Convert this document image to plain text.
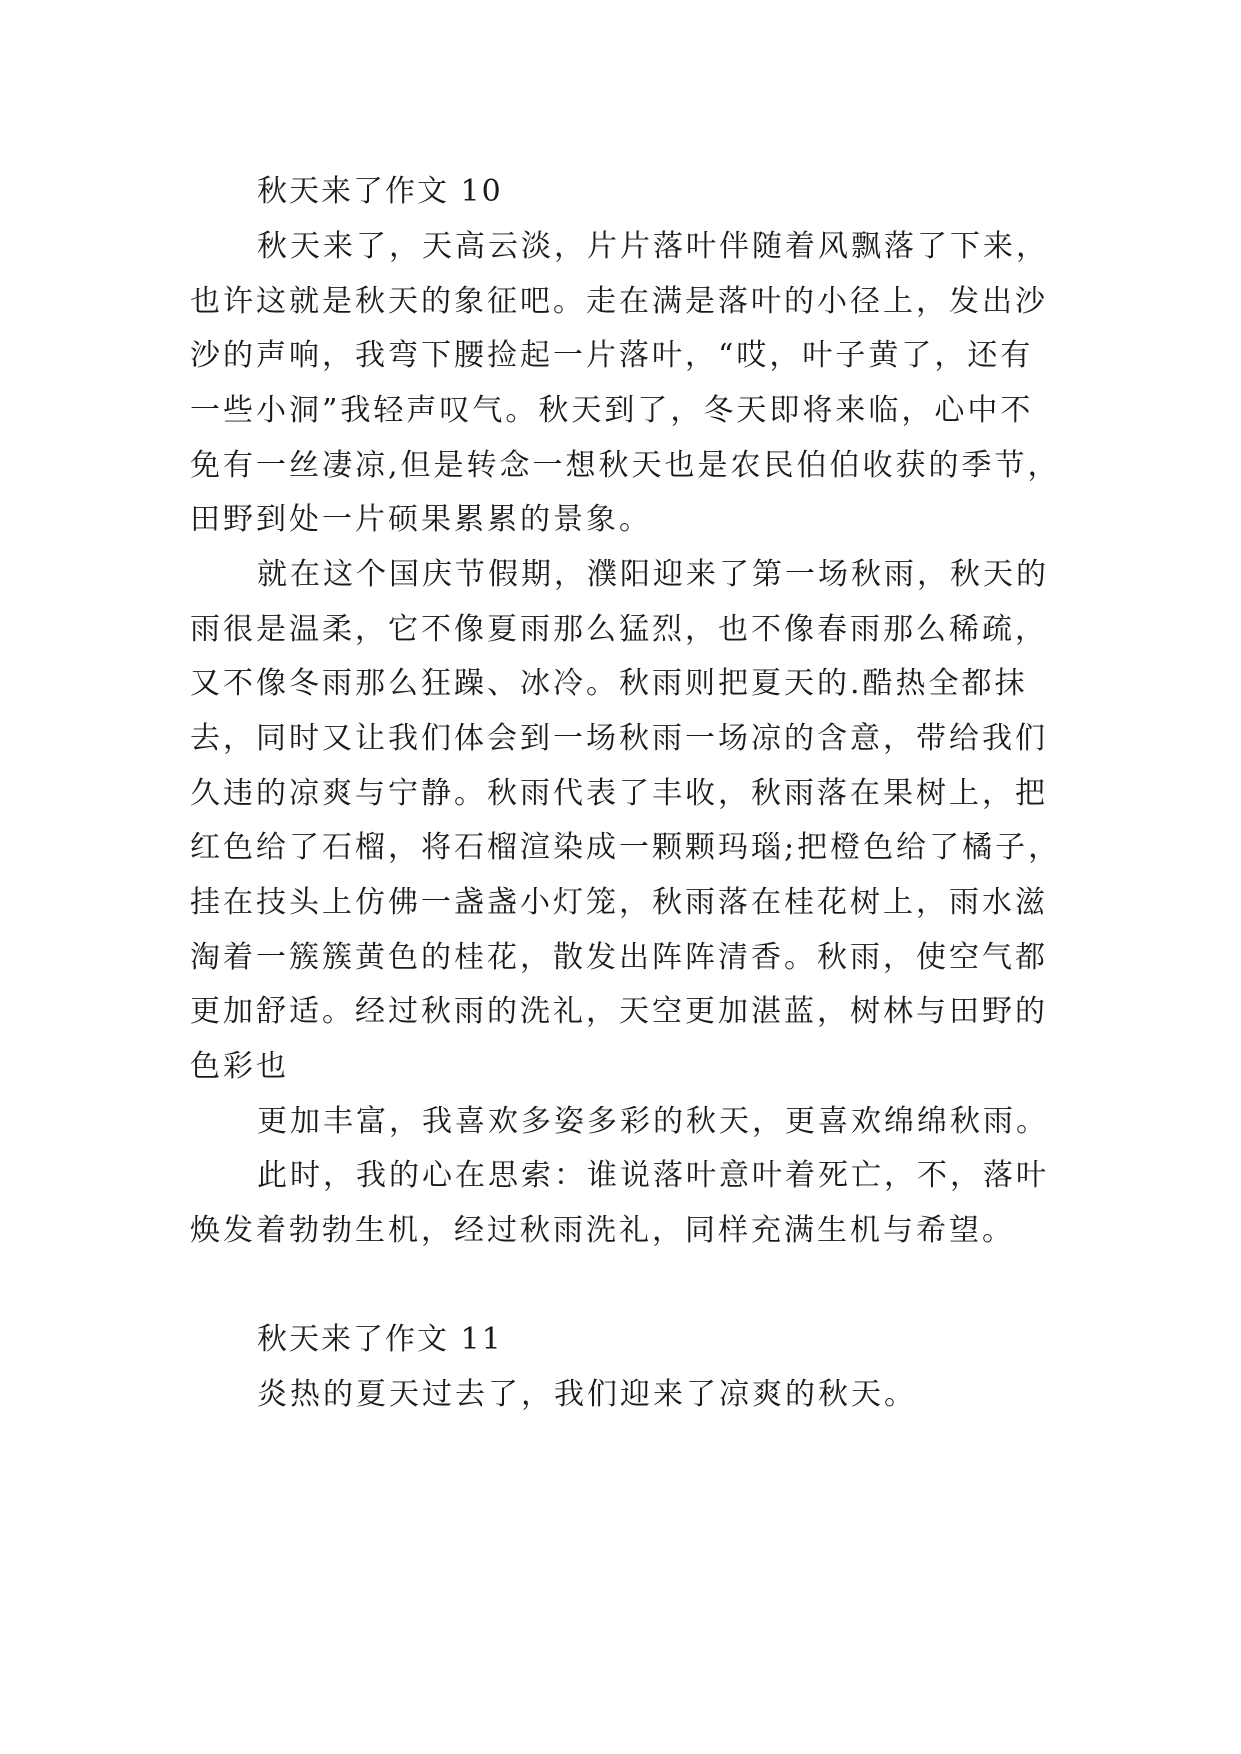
秋天来了作文 10
秋天来了，天高云淡，片片落叶伴随着风飘落了下来，
也许这就是秋天的象征吧。走在满是落叶的小径上，发出沙
沙的声响，我弯下腰捡起一片落叶，“哎，叶子黄了，还有
一些小洞”我轻声叹气。秋天到了，冬天即将来临，心中不
免有一丝凄凉,但是转念一想秋天也是农民伯伯收获的季节，
田野到处一片硕果累累的景象。
就在这个国庆节假期，濮阳迎来了第一场秋雨，秋天的
雨很是温柔，它不像夏雨那么猛烈，也不像春雨那么稀疏，
又不像冬雨那么狂躁、冰冷。秋雨则把夏天的.酷热全都抹
去，同时又让我们体会到一场秋雨一场凉的含意，带给我们
久违的凉爽与宁静。秋雨代表了丰收，秋雨落在果树上，把
红色给了石榴，将石榴渲染成一颗颗玛瑙;把橙色给了橘子，
挂在技头上仿佛一盏盏小灯笼，秋雨落在桂花树上，雨水滋
淘着一簇簇黄色的桂花，散发出阵阵清香。秋雨，使空气都
更加舒适。经过秋雨的洗礼，天空更加湛蓝，树林与田野的
色彩也
更加丰富，我喜欢多姿多彩的秋天，更喜欢绵绵秋雨。
此时，我的心在思索：谁说落叶意叶着死亡，不，落叶
焕发着勃勃生机，经过秋雨洗礼，同样充满生机与希望。
秋天来了作文 11
炎热的夏天过去了，我们迎来了凉爽的秋天。
